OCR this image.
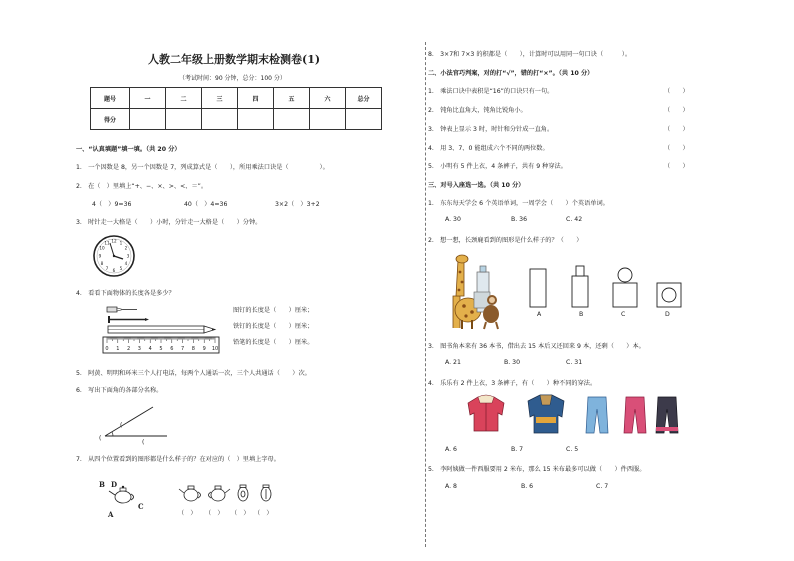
人教二年级上册数学期末检测卷(1)
（考试时间：90 分钟，总分：100 分）
题号	一	二	三	四	五	六	总分
得分							
一、“认真填题”填一填。（共 20 分）
1.　一个因数是 8，另一个因数是 7，列成算式是（　　），所用乘法口诀是（　　　　　）。
2.　在（　）里填上“+、−、×、>、<、＝”。
4（　）9=36	40（　）4=36	3×2（　）3+2
3.　时针走一大格是（　　）小时，分针走一大格是（　　）分钟。
12 1
2
3
4
5
6
7
8
9
10
11
4.　看看下面物体的长度各是多少？
0 1 2 3 4 5 6 7 8 9 10
图钉的长度是（　　）厘米；
铁钉的长度是（　　）厘米；
铅笔的长度是（　　）厘米。
5.　阿黄、明明和环米三个人打电话，每两个人通话一次，三个人共通话（　　）次。
6.　写出下面角的各部分名称。
(
(
(
7.　从四个位置看到的图形都是什么样子的？在对应的（　）里填上字母。
B D
A
C
（　） （　） （　） （　）
8.　3×7和 7×3 的积都是（　　），计算时可以用同一句口诀（　　　）。
二、小法官巧判案，对的打“√”，错的打“×”。（共 10 分）
1.　乘法口诀中表积是“16”的口诀只有一句。	（　　）
2.　钝角比直角大，钝角比锐角小。	（　　）
3.　钟表上显示 3 时，时针和分针成一直角。	（　　）
4.　用 3、7、0 能组成六个不同的两位数。	（　　）
5.　小明有 5 件上衣，4 条裤子，共有 9 种穿法。	（　　）
三、对号入座选一选。（共 10 分）
1.　东东每天学会 6 个英语单词，一周学会（　　）个英语单词。
A. 30	B. 36	C. 42
2.　想一想，长颈鹿看到的图形是什么样子的？（　　）
A	B	C	D
3.　图书角本来有 36 本书，借出去 15 本后又还回来 9 本，还剩（　　）本。
A. 21	B. 30	C. 31
4.　乐乐有 2 件上衣，3 条裤子，有（　　）种不同的穿法。
A. 6	B. 7	C. 5
5.　李阿姨做一件西服要用 2 米布，那么 15 米布最多可以做（　　）件西服。
A. 8	B. 6	C. 7
